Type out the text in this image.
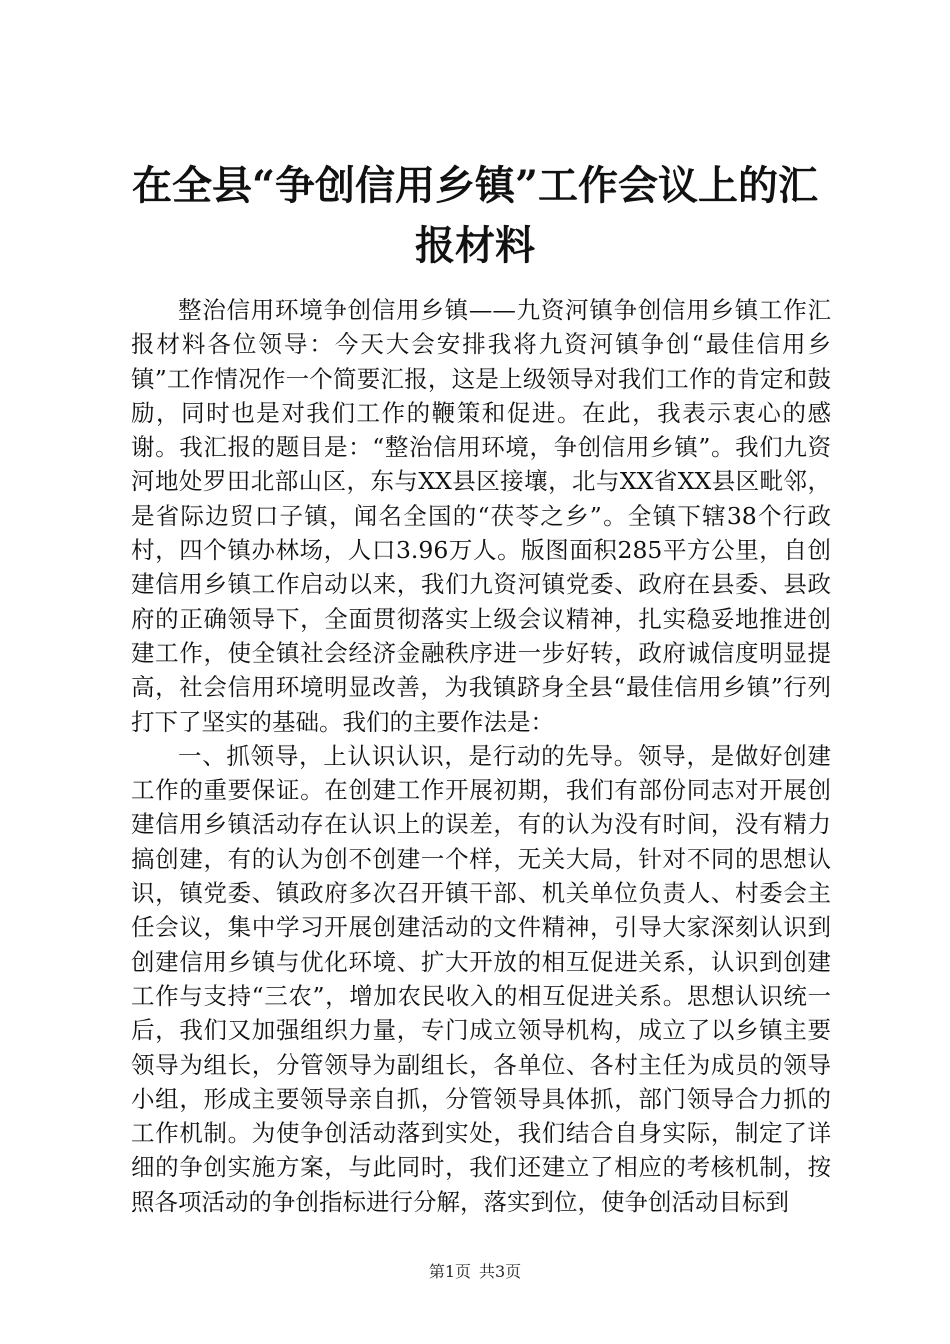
在全县“争创信用乡镇”工作会议上的汇报材料

整治信用环境争创信用乡镇——九资河镇争创信用乡镇工作汇报材料各位领导：今天大会安排我将九资河镇争创“最佳信用乡镇”工作情况作一个简要汇报，这是上级领导对我们工作的肯定和鼓励，同时也是对我们工作的鞭策和促进。在此，我表示衷心的感谢。我汇报的题目是：“整治信用环境，争创信用乡镇”。我们九资河地处罗田北部山区，东与XX县区接壤，北与XX省XX县区毗邻，是省际边贸口子镇，闻名全国的“茯苓之乡”。全镇下辖38个行政村，四个镇办林场，人口3.96万人。版图面积285平方公里，自创建信用乡镇工作启动以来，我们九资河镇党委、政府在县委、县政府的正确领导下，全面贯彻落实上级会议精神，扎实稳妥地推进创建工作，使全镇社会经济金融秩序进一步好转，政府诚信度明显提高，社会信用环境明显改善，为我镇跻身全县“最佳信用乡镇”行列打下了坚实的基础。我们的主要作法是：

一、抓领导，上认识认识，是行动的先导。领导，是做好创建工作的重要保证。在创建工作开展初期，我们有部份同志对开展创建信用乡镇活动存在认识上的误差，有的认为没有时间，没有精力搞创建，有的认为创不创建一个样，无关大局，针对不同的思想认识，镇党委、镇政府多次召开镇干部、机关单位负责人、村委会主任会议，集中学习开展创建活动的文件精神，引导大家深刻认识到创建信用乡镇与优化环境、扩大开放的相互促进关系，认识到创建工作与支持“三农”，增加农民收入的相互促进关系。思想认识统一后，我们又加强组织力量，专门成立领导机构，成立了以乡镇主要领导为组长，分管领导为副组长，各单位、各村主任为成员的领导小组，形成主要领导亲自抓，分管领导具体抓，部门领导合力抓的工作机制。为使争创活动落到实处，我们结合自身实际，制定了详细的争创实施方案，与此同时，我们还建立了相应的考核机制，按照各项活动的争创指标进行分解，落实到位，使争创活动目标到

第1页 共3页
